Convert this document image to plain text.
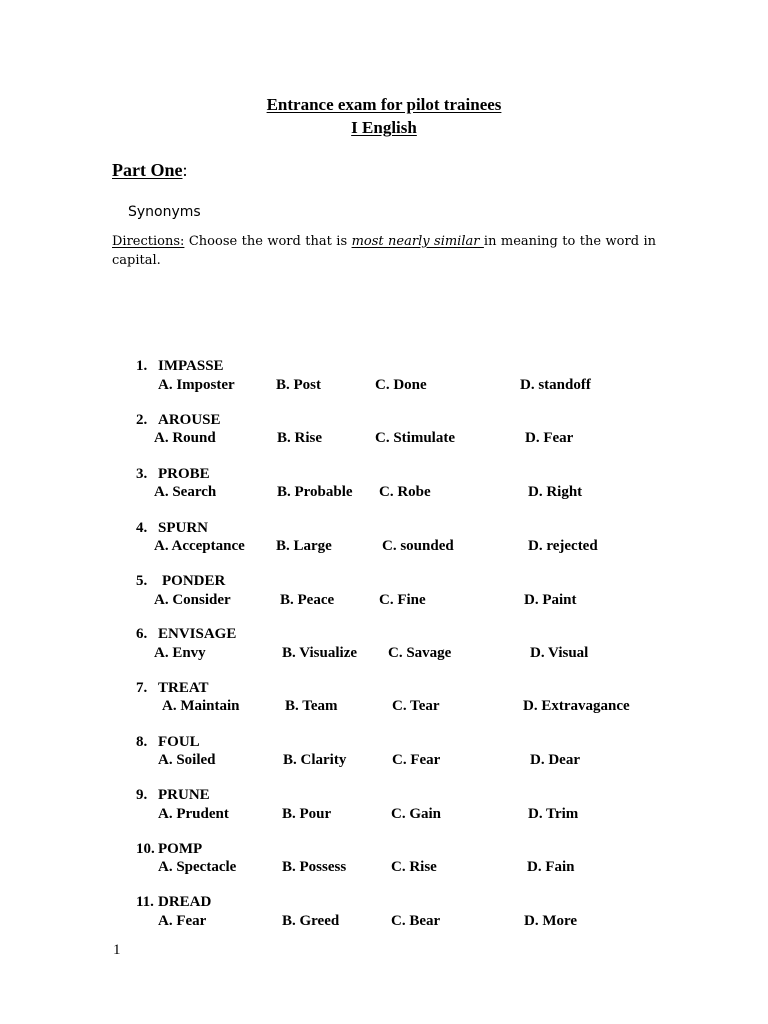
Entrance exam for pilot trainees
I English
Part One:
Synonyms
Directions: Choose the word that is most nearly similar in meaning to the word in capital.
1. IMPASSE
A. Imposter	B. Post	C. Done	D. standoff
2. AROUSE
A. Round	B. Rise	C. Stimulate	D. Fear
3. PROBE
A. Search	B. Probable C. Robe	D. Right
4. SPURN
A. Acceptance B. Large	C. sounded	D. rejected
5. PONDER
A. Consider	B. Peace	C. Fine	D. Paint
6. ENVISAGE
A. Envy	B. Visualize C. Savage	D. Visual
7. TREAT
A. Maintain	B. Team	C. Tear	D. Extravagance
8. FOUL
A. Soiled	B. Clarity	C. Fear	D. Dear
9. PRUNE
A. Prudent	B. Pour	C. Gain	D. Trim
10. POMP
A. Spectacle	B. Possess	C. Rise	D. Fain
11. DREAD
A. Fear	B. Greed	C. Bear	D. More
1
